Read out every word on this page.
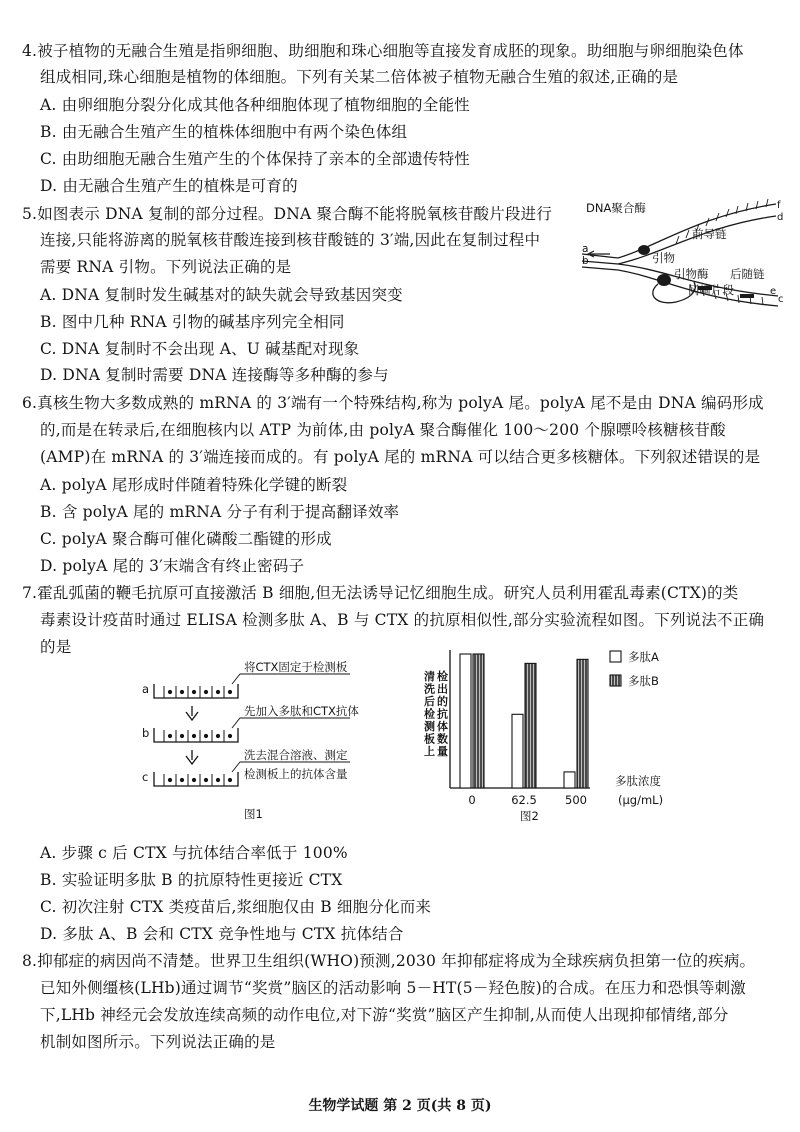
4.被子植物的无融合生殖是指卵细胞、助细胞和珠心细胞等直接发育成胚的现象。助细胞与卵细胞染色体
组成相同,珠心细胞是植物的体细胞。下列有关某二倍体被子植物无融合生殖的叙述,正确的是
A. 由卵细胞分裂分化成其他各种细胞体现了植物细胞的全能性
B. 由无融合生殖产生的植株体细胞中有两个染色体组
C. 由助细胞无融合生殖产生的个体保持了亲本的全部遗传特性
D. 由无融合生殖产生的植株是可育的
5.如图表示 DNA 复制的部分过程。DNA 聚合酶不能将脱氧核苷酸片段进行
连接,只能将游离的脱氧核苷酸连接到核苷酸链的 3′端,因此在复制过程中
需要 RNA 引物。下列说法正确的是
A. DNA 复制时发生碱基对的缺失就会导致基因突变
B. 图中几种 RNA 引物的碱基序列完全相同
C. DNA 复制时不会出现 A、U 碱基配对现象
D. DNA 复制时需要 DNA 连接酶等多种酶的参与
DNA聚合酶
前导链
引物
引物酶 后随链
冈崎片段
a
b
c
e
f
d
6.真核生物大多数成熟的 mRNA 的 3′端有一个特殊结构,称为 polyA 尾。polyA 尾不是由 DNA 编码形成
的,而是在转录后,在细胞核内以 ATP 为前体,由 polyA 聚合酶催化 100～200 个腺嘌呤核糖核苷酸
(AMP)在 mRNA 的 3′端连接而成的。有 polyA 尾的 mRNA 可以结合更多核糖体。下列叙述错误的是
A. polyA 尾形成时伴随着特殊化学键的断裂
B. 含 polyA 尾的 mRNA 分子有利于提高翻译效率
C. polyA 聚合酶可催化磷酸二酯键的形成
D. polyA 尾的 3′末端含有终止密码子
7.霍乱弧菌的鞭毛抗原可直接激活 B 细胞,但无法诱导记忆细胞生成。研究人员利用霍乱毒素(CTX)的类
毒素设计疫苗时通过 ELISA 检测多肽 A、B 与 CTX 的抗原相似性,部分实验流程如图。下列说法不正确
的是
a
b
c
将CTX固定于检测板
先加入多肽和CTX抗体
洗去混合溶液、测定
检测板上的抗体含量
图1
清洗后检测板上检出的抗体数量
0	62.5 500
多肽A
多肽B
多肽浓度
(μg/mL)
图2
A. 步骤 c 后 CTX 与抗体结合率低于 100%
B. 实验证明多肽 B 的抗原特性更接近 CTX
C. 初次注射 CTX 类疫苗后,浆细胞仅由 B 细胞分化而来
D. 多肽 A、B 会和 CTX 竞争性地与 CTX 抗体结合
8.抑郁症的病因尚不清楚。世界卫生组织(WHO)预测,2030 年抑郁症将成为全球疾病负担第一位的疾病。
已知外侧缰核(LHb)通过调节“奖赏”脑区的活动影响 5－HT(5－羟色胺)的合成。在压力和恐惧等刺激
下,LHb 神经元会发放连续高频的动作电位,对下游“奖赏”脑区产生抑制,从而使人出现抑郁情绪,部分
机制如图所示。下列说法正确的是
生物学试题 第 2 页(共 8 页)
